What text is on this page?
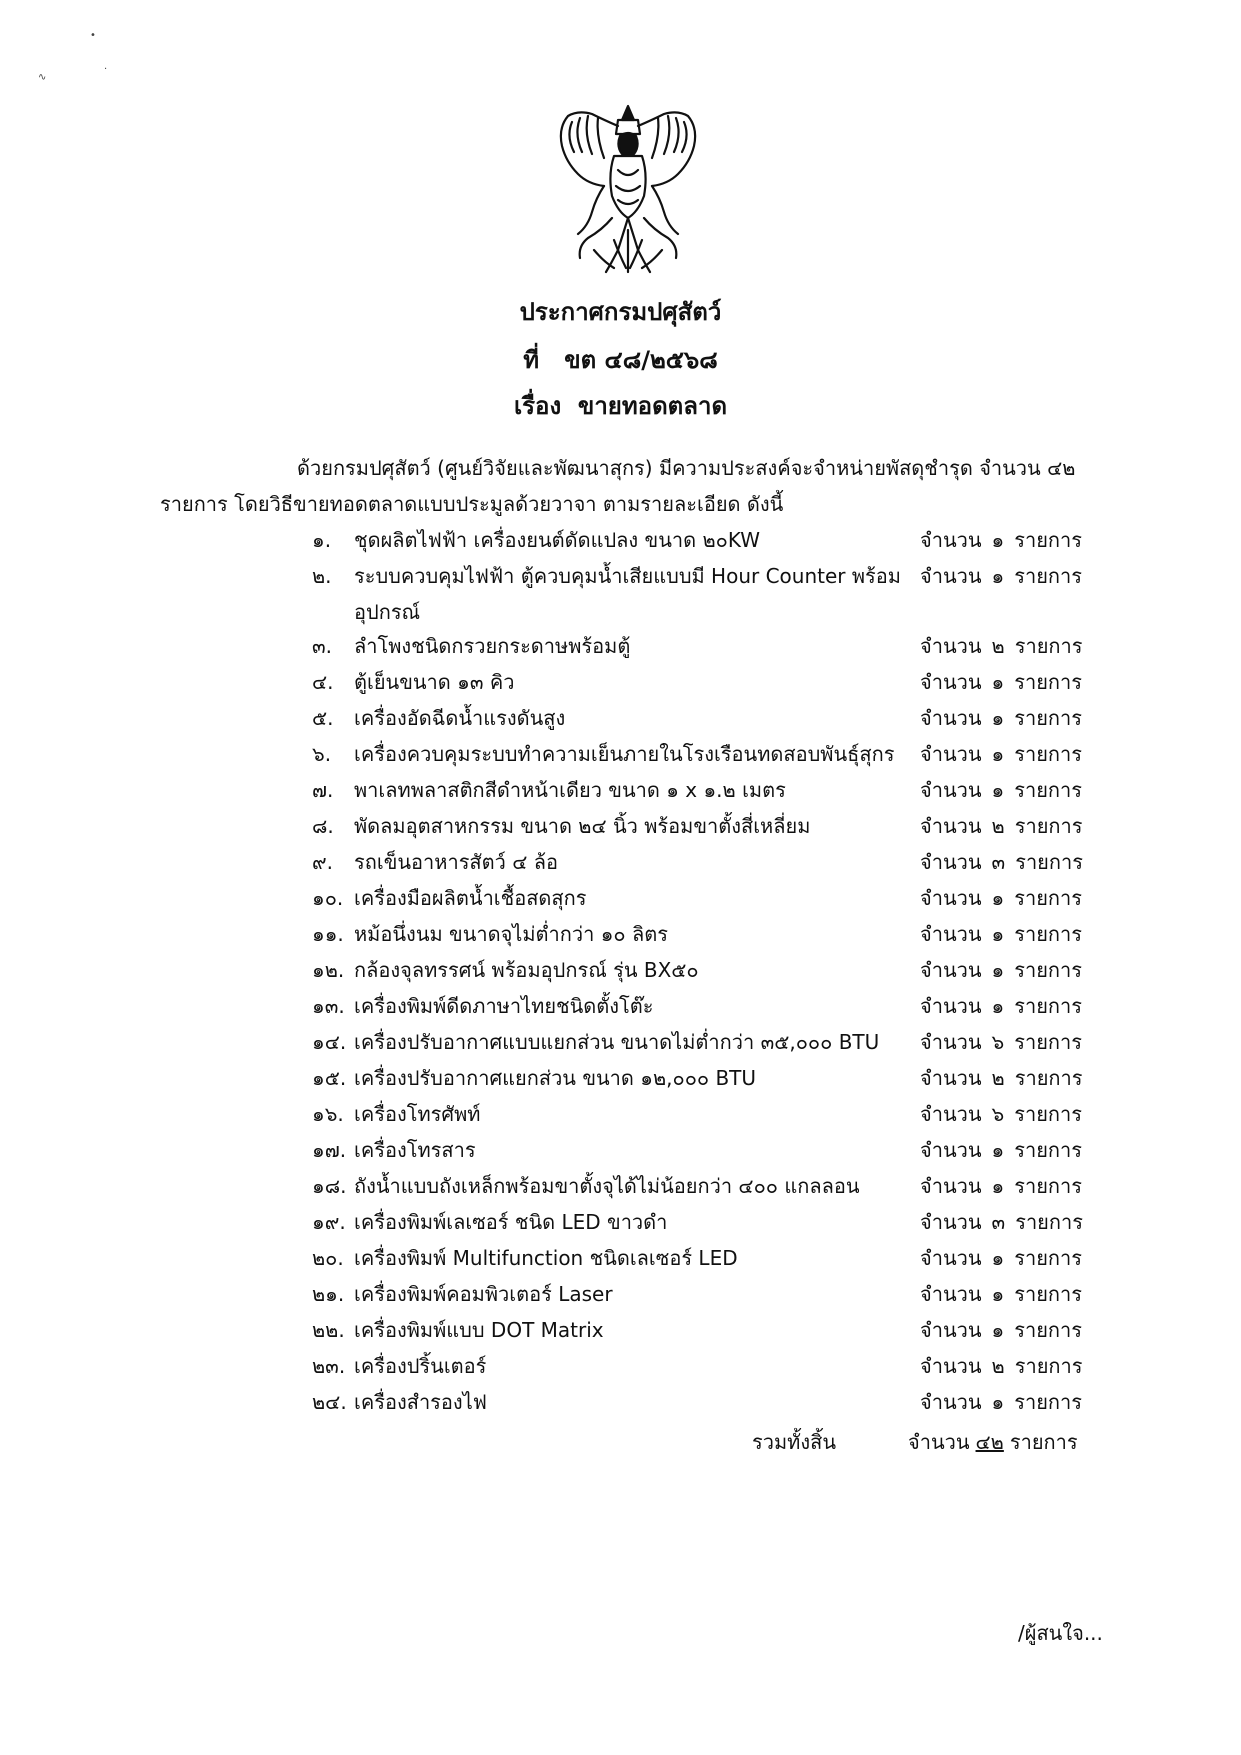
•
∿
·
ประกาศกรมปศุสัตว์
ที่ ขต ๔๘/๒๕๖๘
เรื่อง ขายทอดตลาด
ด้วยกรมปศุสัตว์ (ศูนย์วิจัยและพัฒนาสุกร) มีความประสงค์จะจำหน่ายพัสดุชำรุด จำนวน ๔๒ รายการ โดยวิธีขายทอดตลาดแบบประมูลด้วยวาจา ตามรายละเอียด ดังนี้
๑.	ชุดผลิตไฟฟ้า เครื่องยนต์ดัดแปลง ขนาด ๒๐KW	จำนวน ๑ รายการ
๒.	ระบบควบคุมไฟฟ้า ตู้ควบคุมน้ำเสียแบบมี Hour Counter พร้อมอุปกรณ์
จำนวน ๑ รายการ
๓.	ลำโพงชนิดกรวยกระดาษพร้อมตู้	จำนวน ๒ รายการ
๔.	ตู้เย็นขนาด ๑๓ คิว	จำนวน ๑ รายการ
๕.	เครื่องอัดฉีดน้ำแรงดันสูง	จำนวน ๑ รายการ
๖.	เครื่องควบคุมระบบทำความเย็นภายในโรงเรือนทดสอบพันธุ์สุกร	จำนวน ๑ รายการ
๗.	พาเลทพลาสติกสีดำหน้าเดียว ขนาด ๑ x ๑.๒ เมตร	จำนวน ๑ รายการ
๘.	พัดลมอุตสาหกรรม ขนาด ๒๔ นิ้ว พร้อมขาตั้งสี่เหลี่ยม	จำนวน ๒ รายการ
๙.	รถเข็นอาหารสัตว์ ๔ ล้อ	จำนวน ๓ รายการ
๑๐. เครื่องมือผลิตน้ำเชื้อสดสุกร	จำนวน ๑ รายการ
๑๑. หม้อนึ่งนม ขนาดจุไม่ต่ำกว่า ๑๐ ลิตร	จำนวน ๑ รายการ
๑๒. กล้องจุลทรรศน์ พร้อมอุปกรณ์ รุ่น BX๕๐	จำนวน ๑ รายการ
๑๓. เครื่องพิมพ์ดีดภาษาไทยชนิดตั้งโต๊ะ	จำนวน ๑ รายการ
๑๔. เครื่องปรับอากาศแบบแยกส่วน ขนาดไม่ต่ำกว่า ๓๕,๐๐๐ BTU	จำนวน ๖ รายการ
๑๕. เครื่องปรับอากาศแยกส่วน ขนาด ๑๒,๐๐๐ BTU	จำนวน ๒ รายการ
๑๖. เครื่องโทรศัพท์	จำนวน ๖ รายการ
๑๗. เครื่องโทรสาร	จำนวน ๑ รายการ
๑๘. ถังน้ำแบบถังเหล็กพร้อมขาตั้งจุได้ไม่น้อยกว่า ๔๐๐ แกลลอน	จำนวน ๑ รายการ
๑๙. เครื่องพิมพ์เลเซอร์ ชนิด LED ขาวดำ	จำนวน ๓ รายการ
๒๐. เครื่องพิมพ์ Multifunction ชนิดเลเซอร์ LED	จำนวน ๑ รายการ
๒๑. เครื่องพิมพ์คอมพิวเตอร์ Laser	จำนวน ๑ รายการ
๒๒. เครื่องพิมพ์แบบ DOT Matrix	จำนวน ๑ รายการ
๒๓. เครื่องปริ้นเตอร์	จำนวน ๒ รายการ
๒๔. เครื่องสำรองไฟ	จำนวน ๑ รายการ
รวมทั้งสิ้น	จำนวน ๔๒ รายการ
/ผู้สนใจ...
